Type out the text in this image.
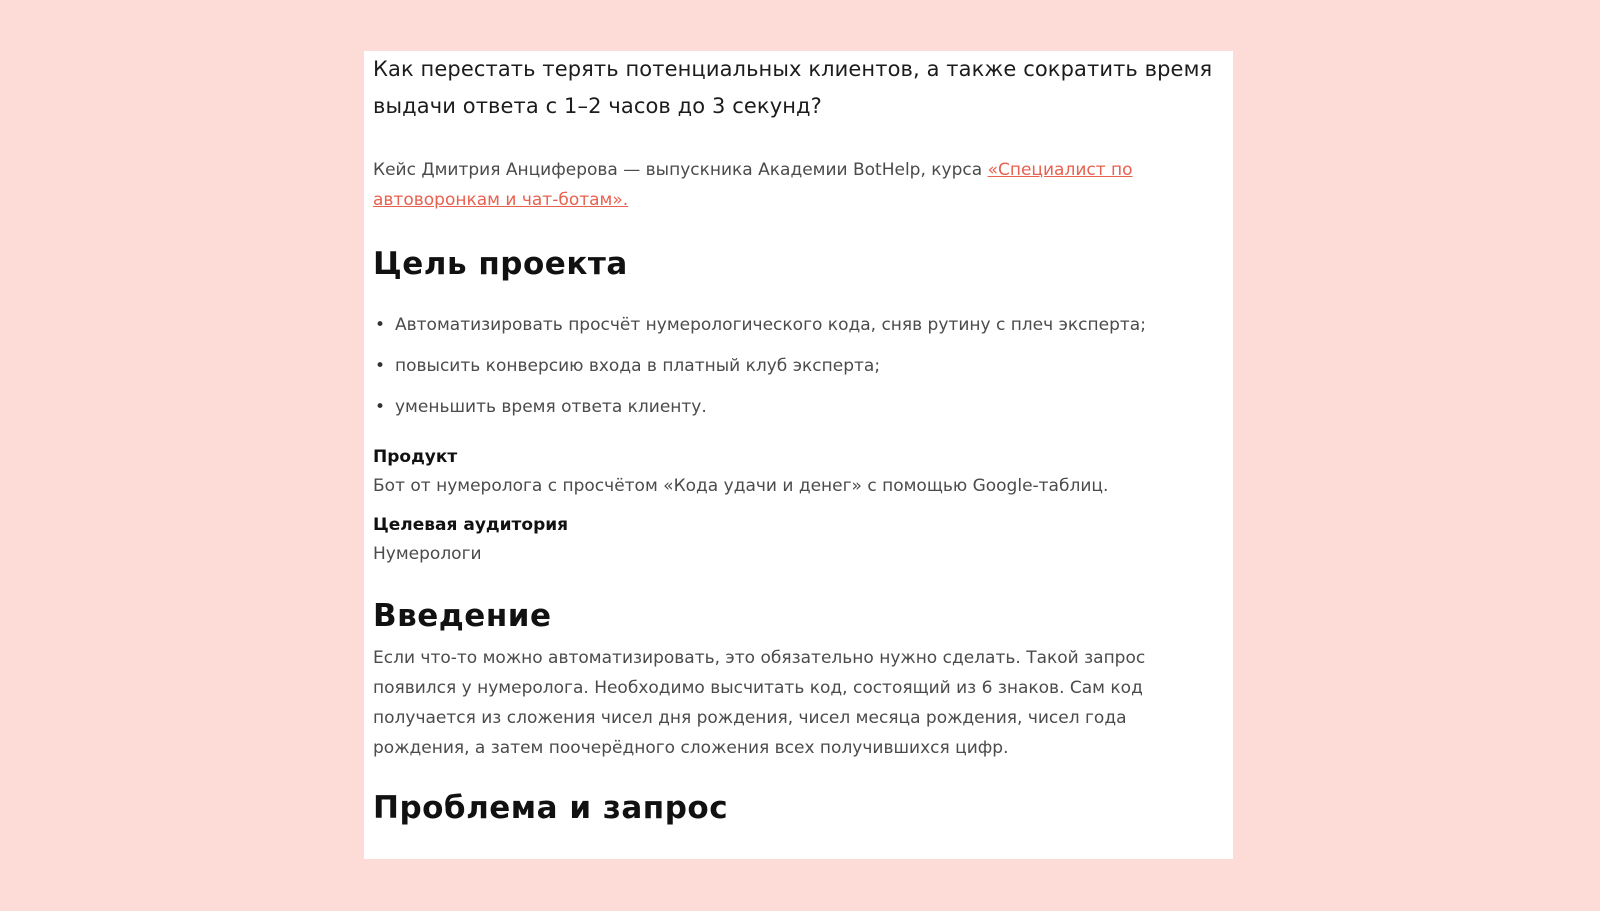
Как перестать терять потенциальных клиентов, а также сократить время выдачи ответа с 1–2 часов до 3 секунд?

Кейс Дмитрия Анциферова — выпускника Академии BotHelp, курса «Специалист по автоворонкам и чат-ботам».

Цель проекта
• Автоматизировать просчёт нумерологического кода, сняв рутину с плеч эксперта;
• повысить конверсию входа в платный клуб эксперта;
• уменьшить время ответа клиенту.
Продукт

Бот от нумеролога с просчётом «Кода удачи и денег» с помощью Google-таблиц.

Целевая аудитория

Нумерологи

Введение

Если что-то можно автоматизировать, это обязательно нужно сделать. Такой запрос появился у нумеролога. Необходимо высчитать код, состоящий из 6 знаков. Сам код получается из сложения чисел дня рождения, чисел месяца рождения, чисел года рождения, а затем поочерёдного сложения всех получившихся цифр.

Проблема и запрос
